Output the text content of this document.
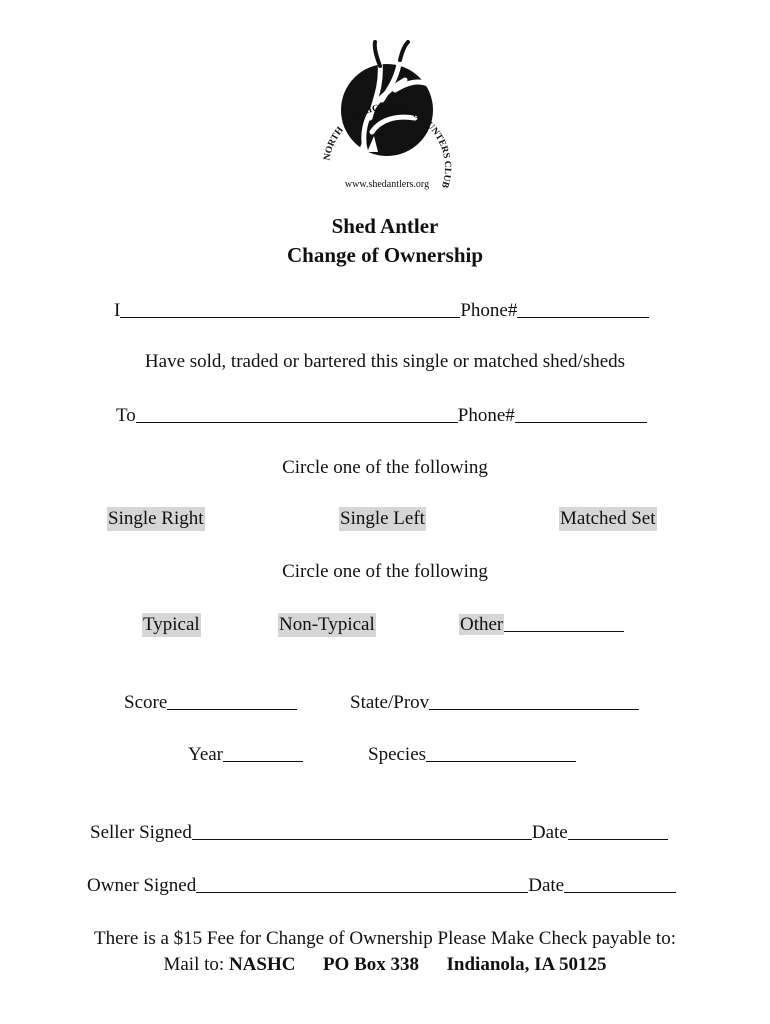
NORTH AMERICAN SHED HUNTERS CLUB
www.shedantlers.org
Shed Antler
Change of Ownership
I	Phone#
Have sold, traded or bartered this single or matched shed/sheds
To	Phone#
Circle one of the following
Single Right	Single Left	Matched Set
Circle one of the following
Typical	Non-Typical	Other
Score	State/Prov
Year	Species
Seller Signed	Date
Owner Signed	Date
There is a $15 Fee for Change of Ownership Please Make Check payable to:
Mail to: NASHC PO Box 338 Indianola, IA 50125
